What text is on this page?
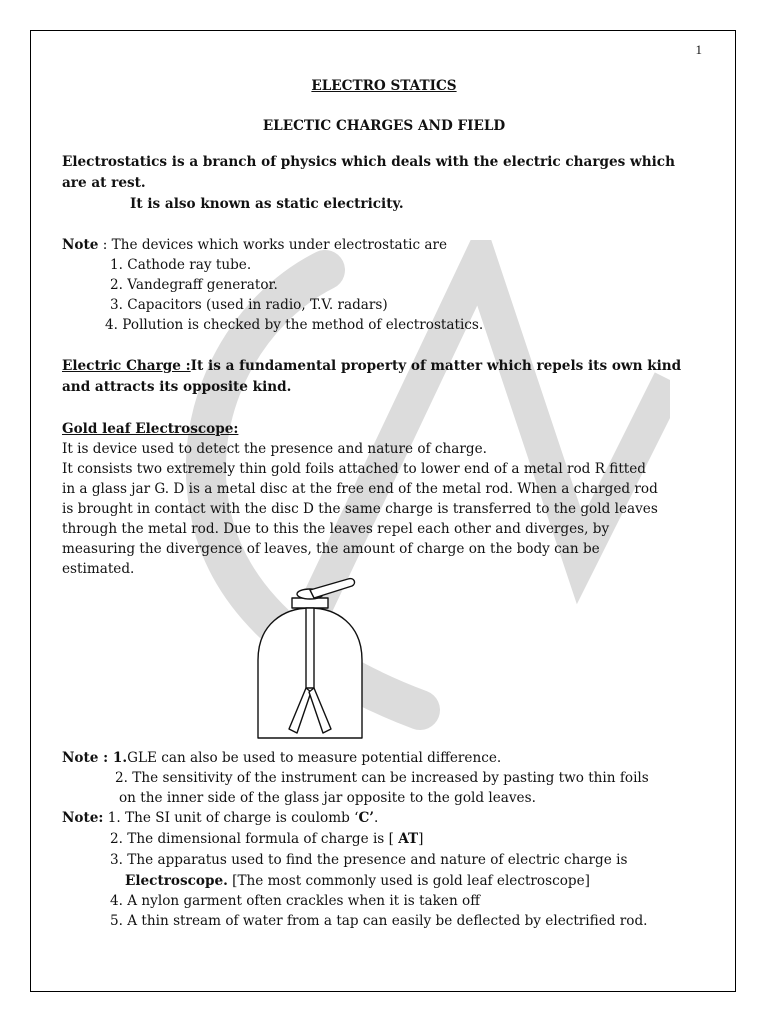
1
ELECTRO STATICS
ELECTIC CHARGES AND FIELD
Electrostatics is a branch of physics which deals with the electric charges which
are at rest.
It is also known as static electricity.
Note : The devices which works under electrostatic are
1. Cathode ray tube.
2. Vandegraff generator.
3. Capacitors (used in radio, T.V. radars)
4. Pollution is checked by the method of electrostatics.
Electric Charge :It is a fundamental property of matter which repels its own kind
and attracts its opposite kind.
Gold leaf Electroscope:
It is device used to detect the presence and nature of charge.
It consists two extremely thin gold foils attached to lower end of a metal rod R fitted
in a glass jar G. D is a metal disc at the free end of the metal rod. When a charged rod
is brought in contact with the disc D the same charge is transferred to the gold leaves
through the metal rod. Due to this the leaves repel each other and diverges, by
measuring the divergence of leaves, the amount of charge on the body can be
estimated.
Note : 1.GLE can also be used to measure potential difference.
2. The sensitivity of the instrument can be increased by pasting two thin foils
on the inner side of the glass jar opposite to the gold leaves.
Note: 1. The SI unit of charge is coulomb ‘C’.
2. The dimensional formula of charge is [ AT]
3. The apparatus used to find the presence and nature of electric charge is
Electroscope. [The most commonly used is gold leaf electroscope]
4. A nylon garment often crackles when it is taken off
5. A thin stream of water from a tap can easily be deflected by electrified rod.
